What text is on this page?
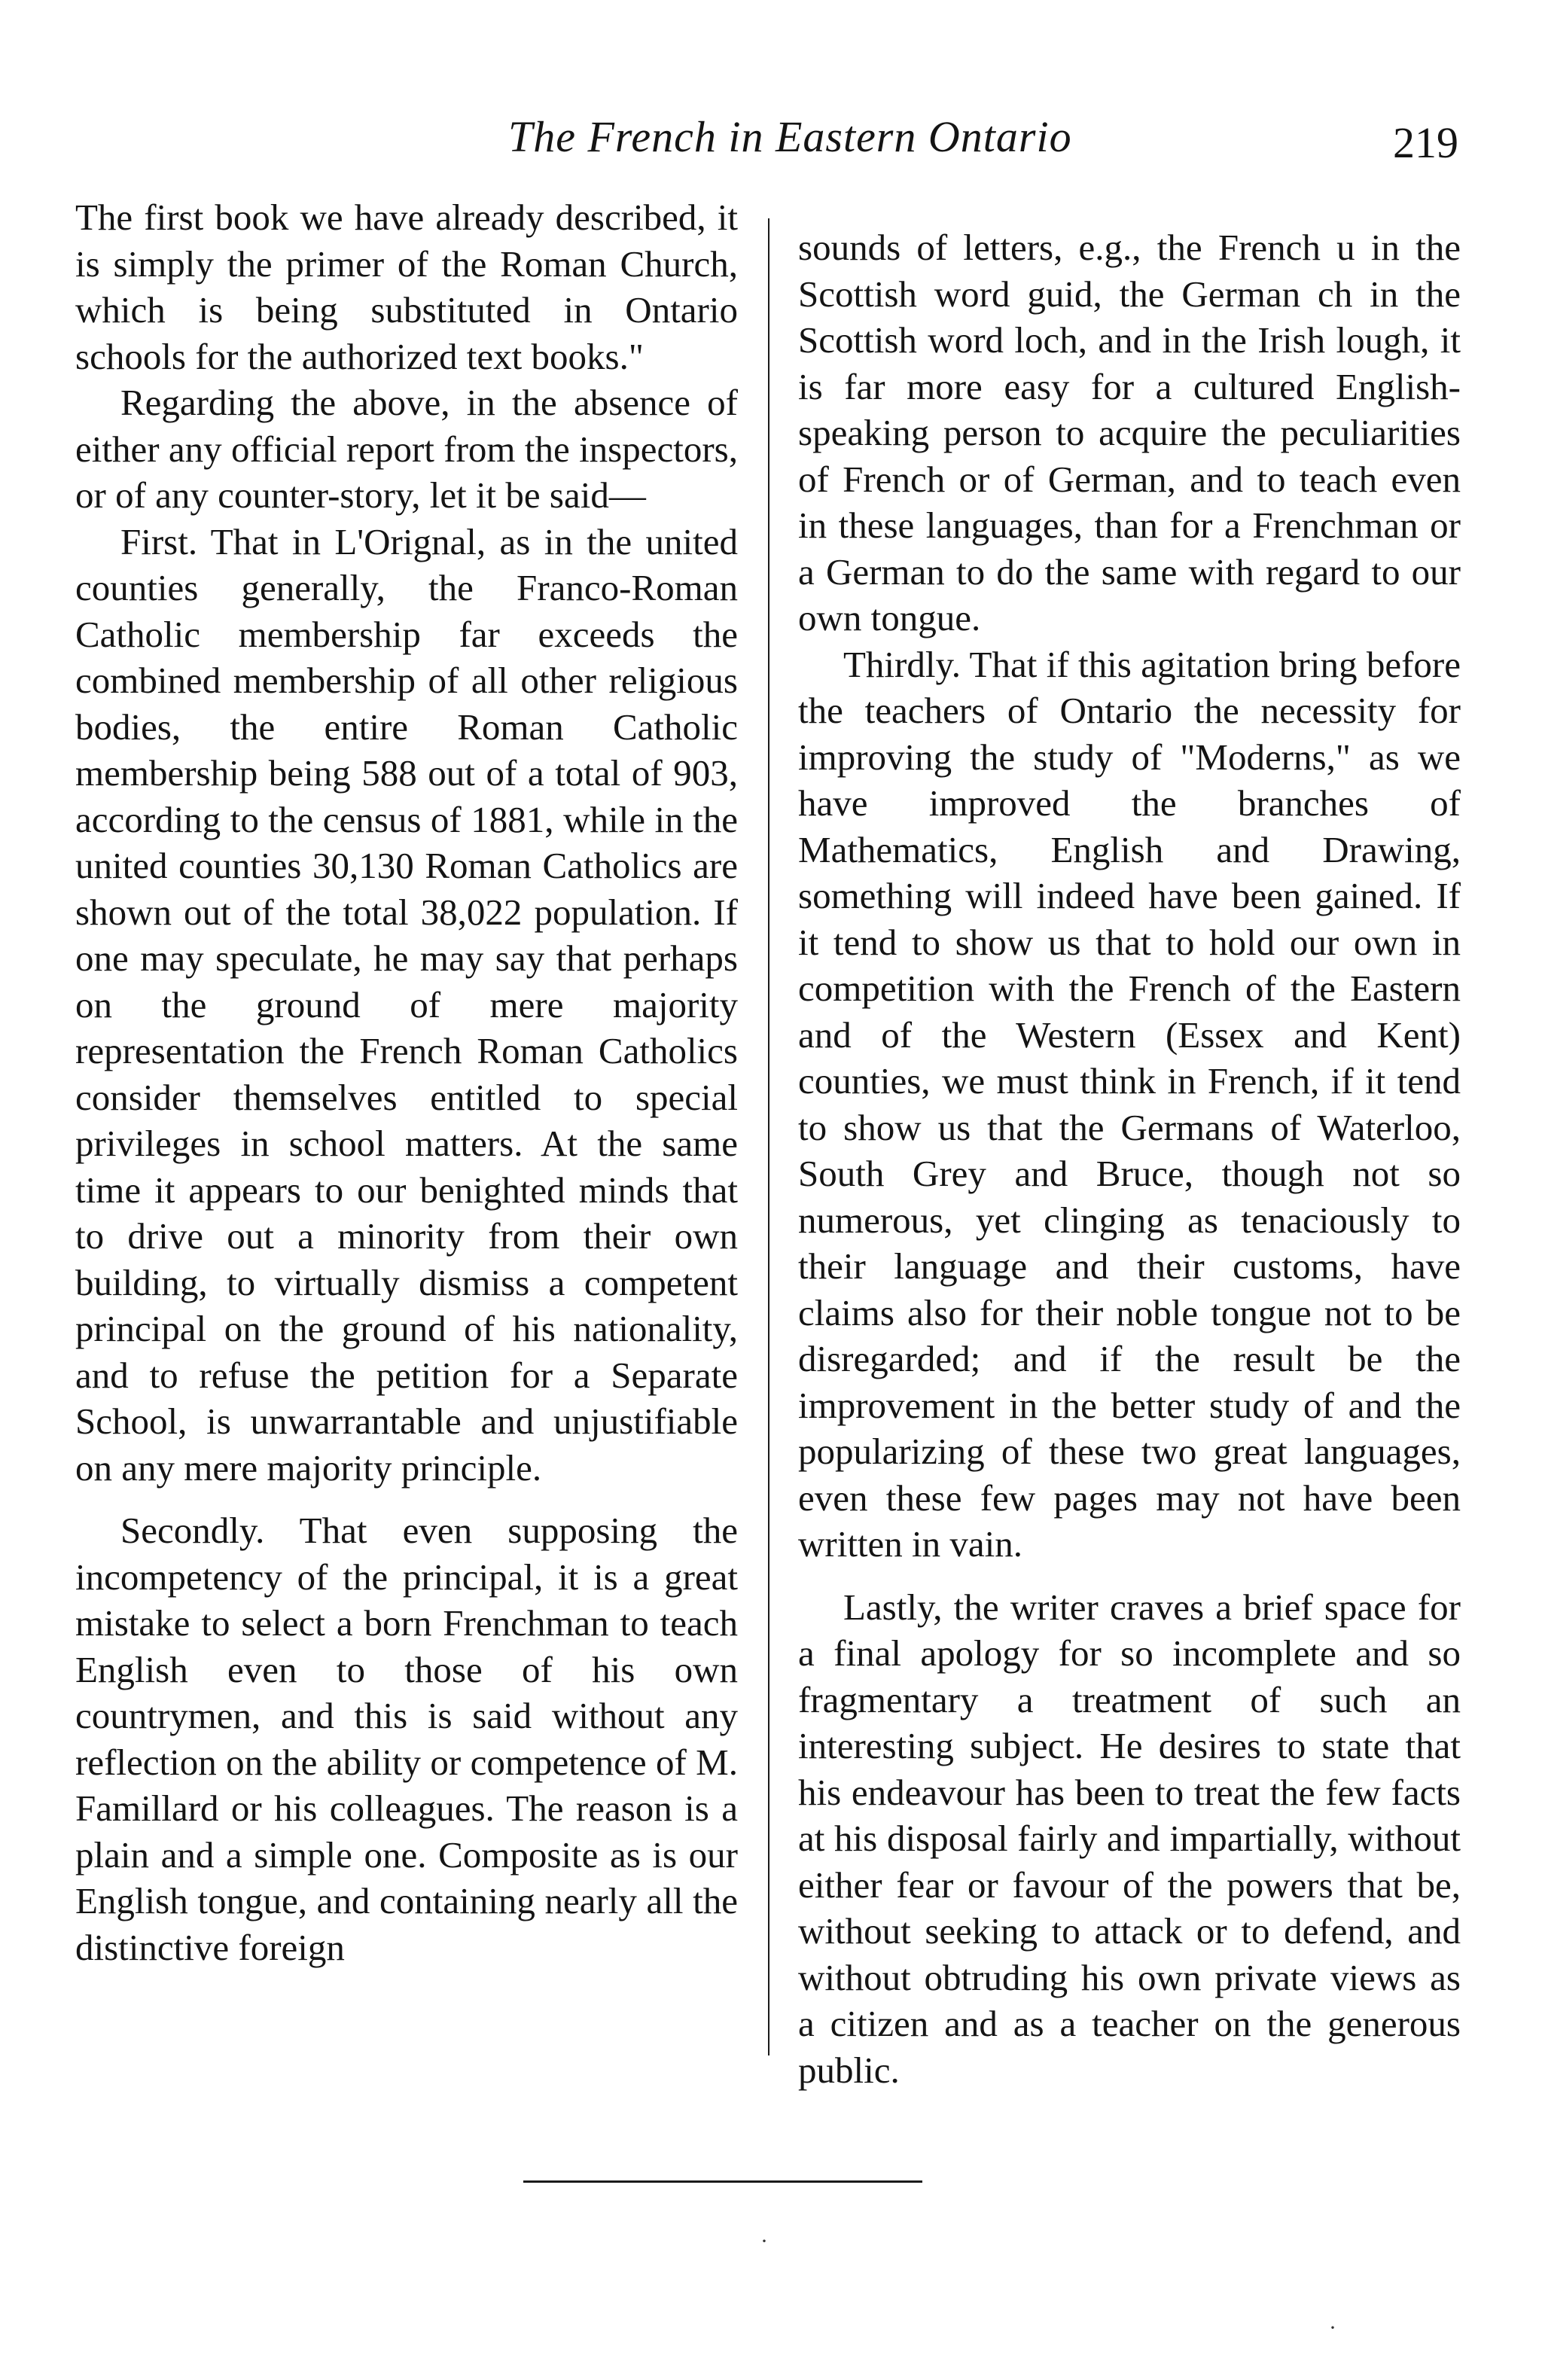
The French in Eastern Ontario	219

The first book we have already described, it is simply the primer of the Roman Church, which is being substituted in Ontario schools for the authorized text books."

Regarding the above, in the absence of either any official report from the inspectors, or of any counter-story, let it be said—

First. That in L'Orignal, as in the united counties generally, the Franco-Roman Catholic membership far exceeds the combined membership of all other religious bodies, the entire Roman Catholic membership being 588 out of a total of 903, according to the census of 1881, while in the united counties 30,130 Roman Catholics are shown out of the total 38,022 population. If one may speculate, he may say that perhaps on the ground of mere majority representation the French Roman Catholics consider themselves entitled to special privileges in school matters. At the same time it appears to our benighted minds that to drive out a minority from their own building, to virtually dismiss a competent principal on the ground of his nationality, and to refuse the petition for a Separate School, is unwarrantable and unjustifiable on any mere majority principle.

Secondly. That even supposing the incompetency of the principal, it is a great mistake to select a born Frenchman to teach English even to those of his own countrymen, and this is said without any reflection on the ability or competence of M. Famillard or his colleagues. The reason is a plain and a simple one. Composite as is our English tongue, and containing nearly all the distinctive foreign

sounds of letters, e.g., the French u in the Scottish word guid, the German ch in the Scottish word loch, and in the Irish lough, it is far more easy for a cultured English-speaking person to acquire the peculiarities of French or of German, and to teach even in these languages, than for a Frenchman or a German to do the same with regard to our own tongue.

Thirdly. That if this agitation bring before the teachers of Ontario the necessity for improving the study of "Moderns," as we have improved the branches of Mathematics, English and Drawing, something will indeed have been gained. If it tend to show us that to hold our own in competition with the French of the Eastern and of the Western (Essex and Kent) counties, we must think in French, if it tend to show us that the Germans of Waterloo, South Grey and Bruce, though not so numerous, yet clinging as tenaciously to their language and their customs, have claims also for their noble tongue not to be disregarded; and if the result be the improvement in the better study of and the popularizing of these two great languages, even these few pages may not have been written in vain.

Lastly, the writer craves a brief space for a final apology for so incomplete and so fragmentary a treatment of such an interesting subject. He desires to state that his endeavour has been to treat the few facts at his disposal fairly and impartially, without either fear or favour of the powers that be, without seeking to attack or to defend, and without obtruding his own private views as a citizen and as a teacher on the generous public.

·
·
